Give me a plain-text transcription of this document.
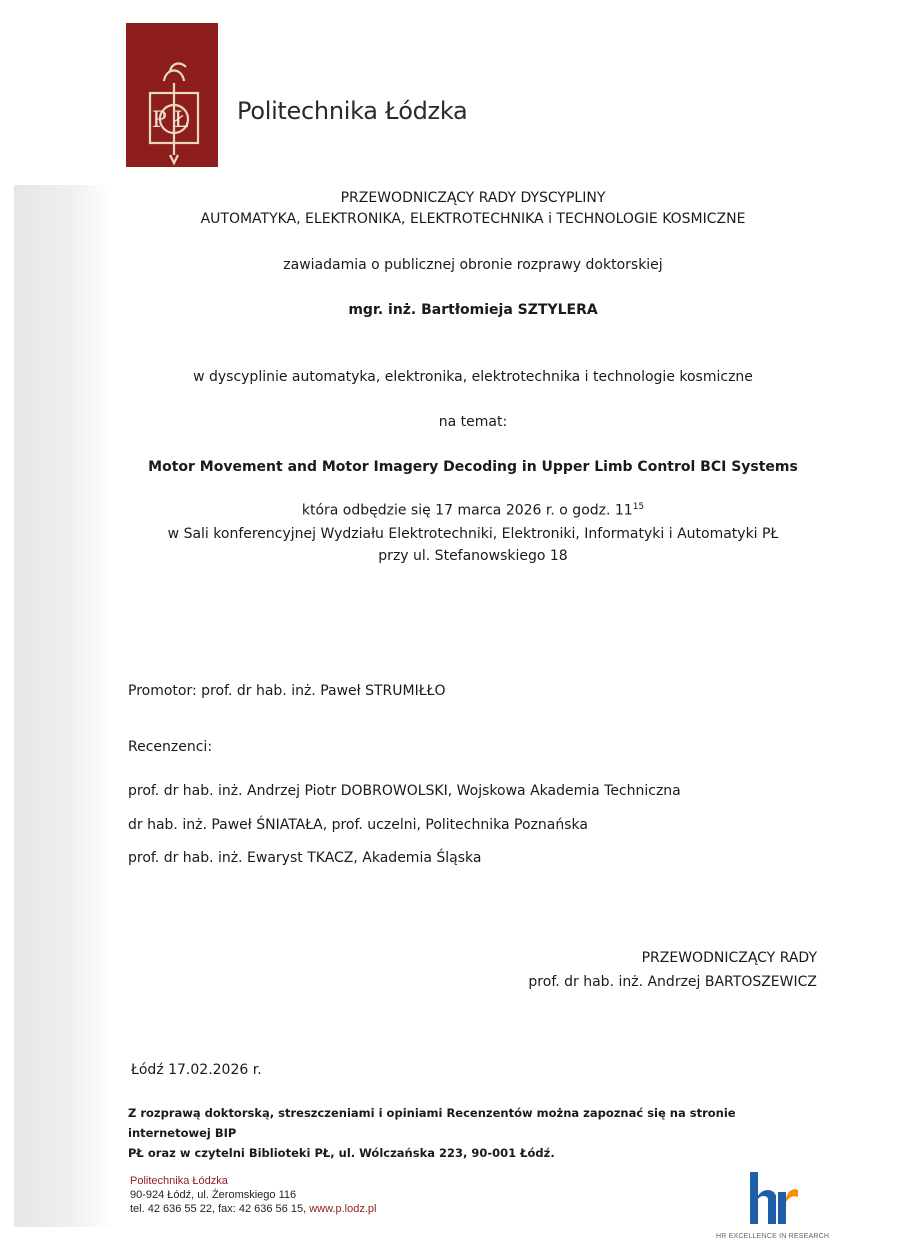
P Ł Politechnika Łódzka
PRZEWODNICZĄCY RADY DYSCYPLINY
AUTOMATYKA, ELEKTRONIKA, ELEKTROTECHNIKA i TECHNOLOGIE KOSMICZNE
zawiadamia o publicznej obronie rozprawy doktorskiej
mgr. inż. Bartłomieja SZTYLERA
w dyscyplinie automatyka, elektronika, elektrotechnika i technologie kosmiczne
na temat:
Motor Movement and Motor Imagery Decoding in Upper Limb Control BCI Systems
która odbędzie się 17 marca 2026 r. o godz. $11^{15}$
w Sali konferencyjnej Wydziału Elektrotechniki, Elektroniki, Informatyki i Automatyki PŁ
przy ul. Stefanowskiego 18
Promotor: prof. dr hab. inż. Paweł STRUMIŁŁO
Recenzenci:
prof. dr hab. inż. Andrzej Piotr DOBROWOLSKI, Wojskowa Akademia Techniczna
dr hab. inż. Paweł ŚNIATAŁA, prof. uczelni, Politechnika Poznańska
prof. dr hab. inż. Ewaryst TKACZ, Akademia Śląska
PRZEWODNICZĄCY RADY
prof. dr hab. inż. Andrzej BARTOSZEWICZ
Łódź 17.02.2026 r.
Z rozprawą doktorską, streszczeniami i opiniami Recenzentów można zapoznać się na stronie internetowej BIP
PŁ oraz w czytelni Biblioteki PŁ, ul. Wólczańska 223, 90-001 Łódź.
Politechnika Łódzka
90-924 Łódź, ul. Żeromskiego 116
tel. 42 636 55 22, fax: 42 636 56 15, www.p.lodz.pl
HR EXCELLENCE IN RESEARCH
